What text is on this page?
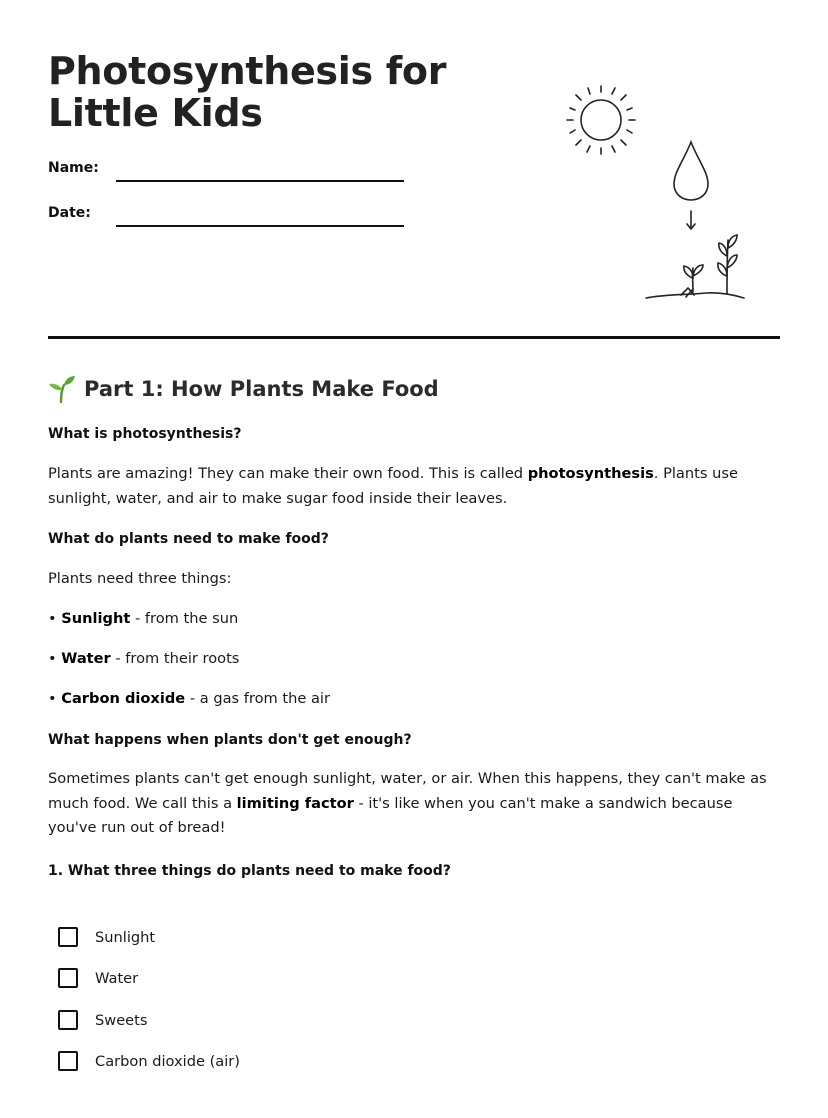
Photosynthesis for Little Kids
Name:
Date:
Part 1: How Plants Make Food

What is photosynthesis?

Plants are amazing! They can make their own food. This is called photosynthesis. Plants use sunlight, water, and air to make sugar food inside their leaves.

What do plants need to make food?

Plants need three things:

• Sunlight - from the sun

• Water - from their roots

• Carbon dioxide - a gas from the air

What happens when plants don't get enough?

Sometimes plants can't get enough sunlight, water, or air. When this happens, they can't make as much food. We call this a limiting factor - it's like when you can't make a sandwich because you've run out of bread!

1. What three things do plants need to make food?

Sunlight
Water
Sweets
Carbon dioxide (air)
